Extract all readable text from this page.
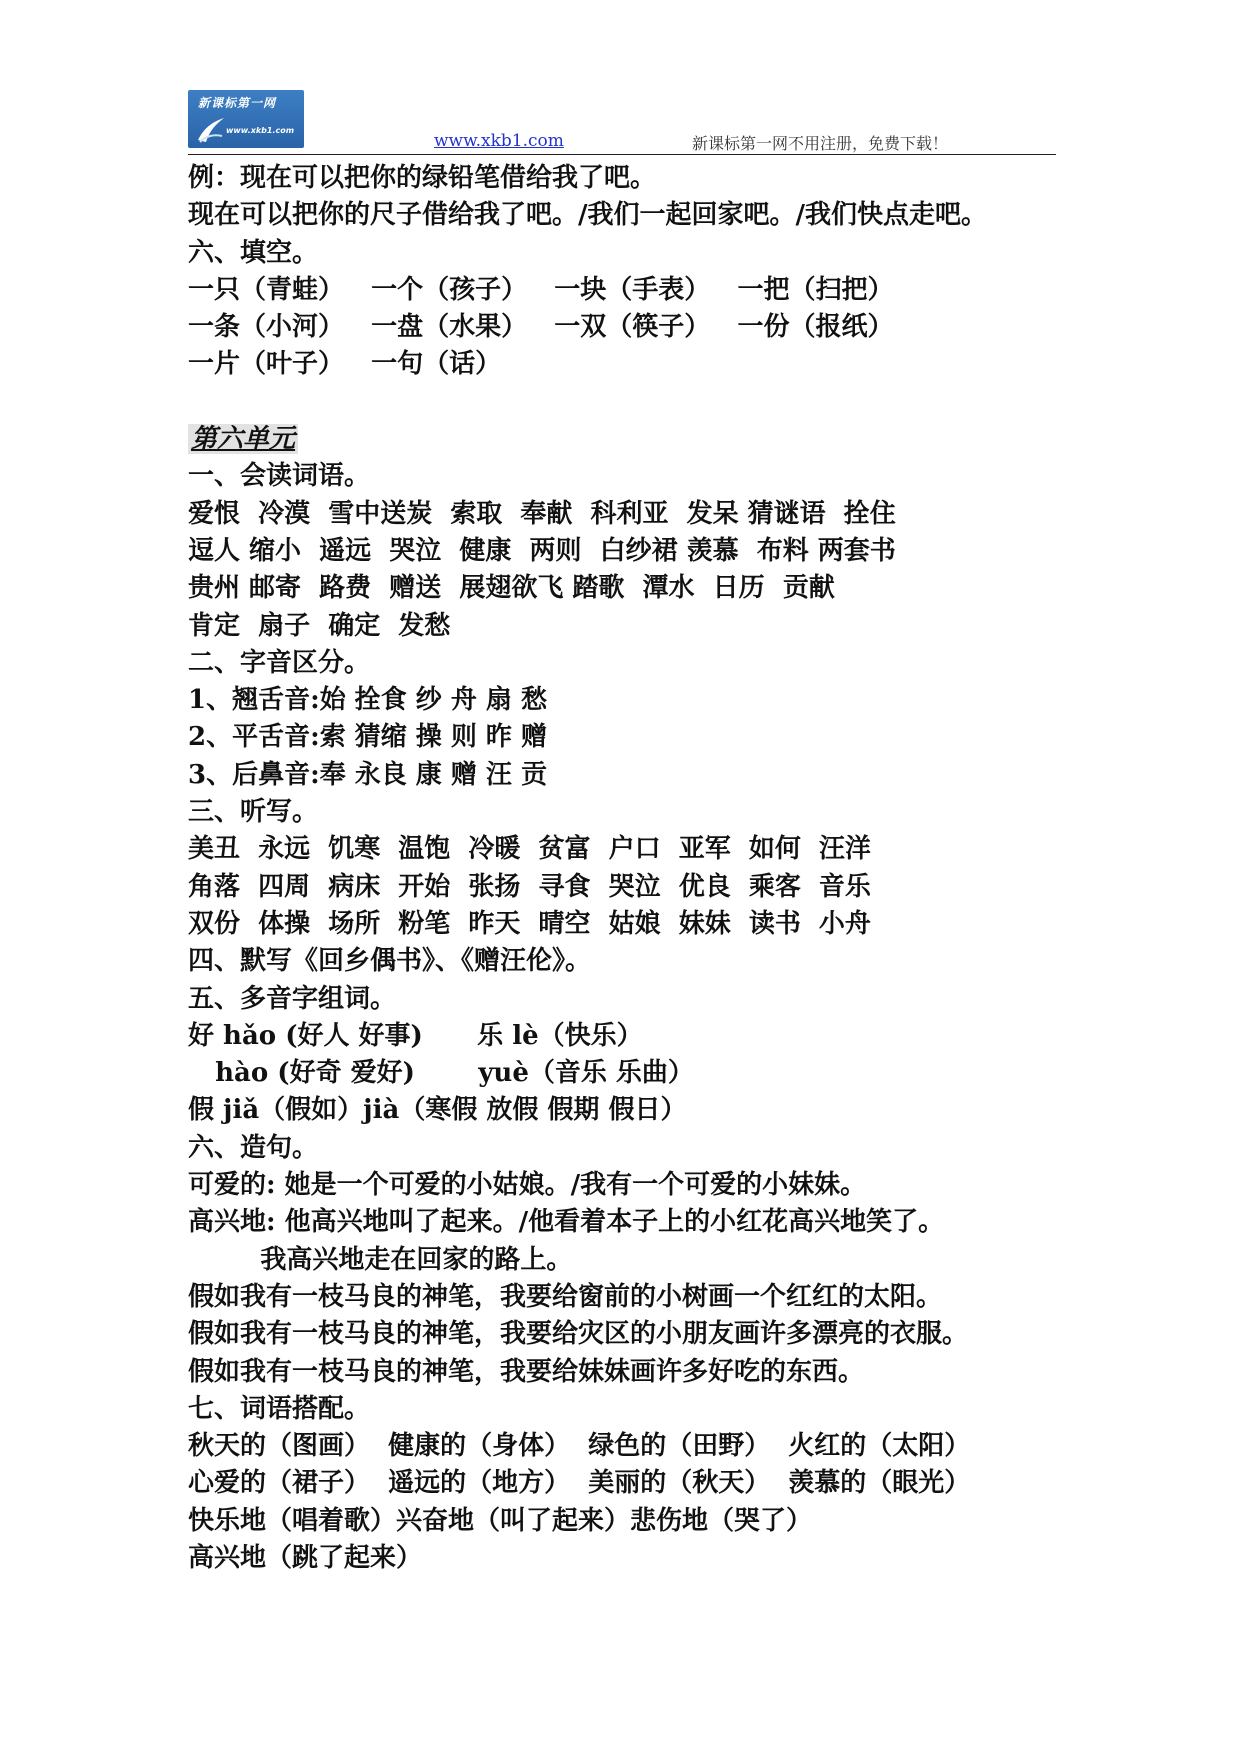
新课标第一网
www.xkb1.com
www.xkb1.com	新课标第一网不用注册，免费下载！
例：现在可以把你的绿铅笔借给我了吧。
现在可以把你的尺子借给我了吧。/我们一起回家吧。/我们快点走吧。
六、填空。
一只（青蛙）   一个（孩子）   一块（手表）   一把（扫把）
一条（小河）   一盘（水果）   一双（筷子）   一份（报纸）
一片（叶子）   一句（话）
第六单元
一、会读词语。
爱恨  冷漠  雪中送炭  索取  奉献  科利亚  发呆 猜谜语  拴住
逗人 缩小  遥远  哭泣  健康  两则  白纱裙 羡慕  布料 两套书
贵州 邮寄  路费  赠送  展翅欲飞 踏歌  潭水  日历  贡献
肯定  扇子  确定  发愁
二、字音区分。
1、翘舌音:始 拴食 纱 舟 扇 愁
2、平舌音:索 猜缩 操 则 昨 赠
3、后鼻音:奉 永良 康 赠 汪 贡
三、听写。
美丑  永远  饥寒  温饱  冷暖  贫富  户口  亚军  如何  汪洋
角落  四周  病床  开始  张扬  寻食  哭泣  优良  乘客  音乐
双份  体操  场所  粉笔  昨天  晴空  姑娘  妹妹  读书  小舟
四、默写《回乡偶书》、《赠汪伦》。
五、多音字组词。
好 hǎo (好人 好事)      乐 lè（快乐）
hào (好奇 爱好)       yuè（音乐 乐曲）
假 jiǎ（假如）jià（寒假 放假 假期 假日）
六、造句。
可爱的: 她是一个可爱的小姑娘。/我有一个可爱的小妹妹。
高兴地: 他高兴地叫了起来。/他看着本子上的小红花高兴地笑了。
我高兴地走在回家的路上。
假如我有一枝马良的神笔，我要给窗前的小树画一个红红的太阳。
假如我有一枝马良的神笔，我要给灾区的小朋友画许多漂亮的衣服。
假如我有一枝马良的神笔，我要给妹妹画许多好吃的东西。
七、词语搭配。
秋天的（图画）  健康的（身体）  绿色的（田野）  火红的（太阳）
心爱的（裙子）  遥远的（地方）  美丽的（秋天）  羡慕的（眼光）
快乐地（唱着歌）兴奋地（叫了起来）悲伤地（哭了）
高兴地（跳了起来）
